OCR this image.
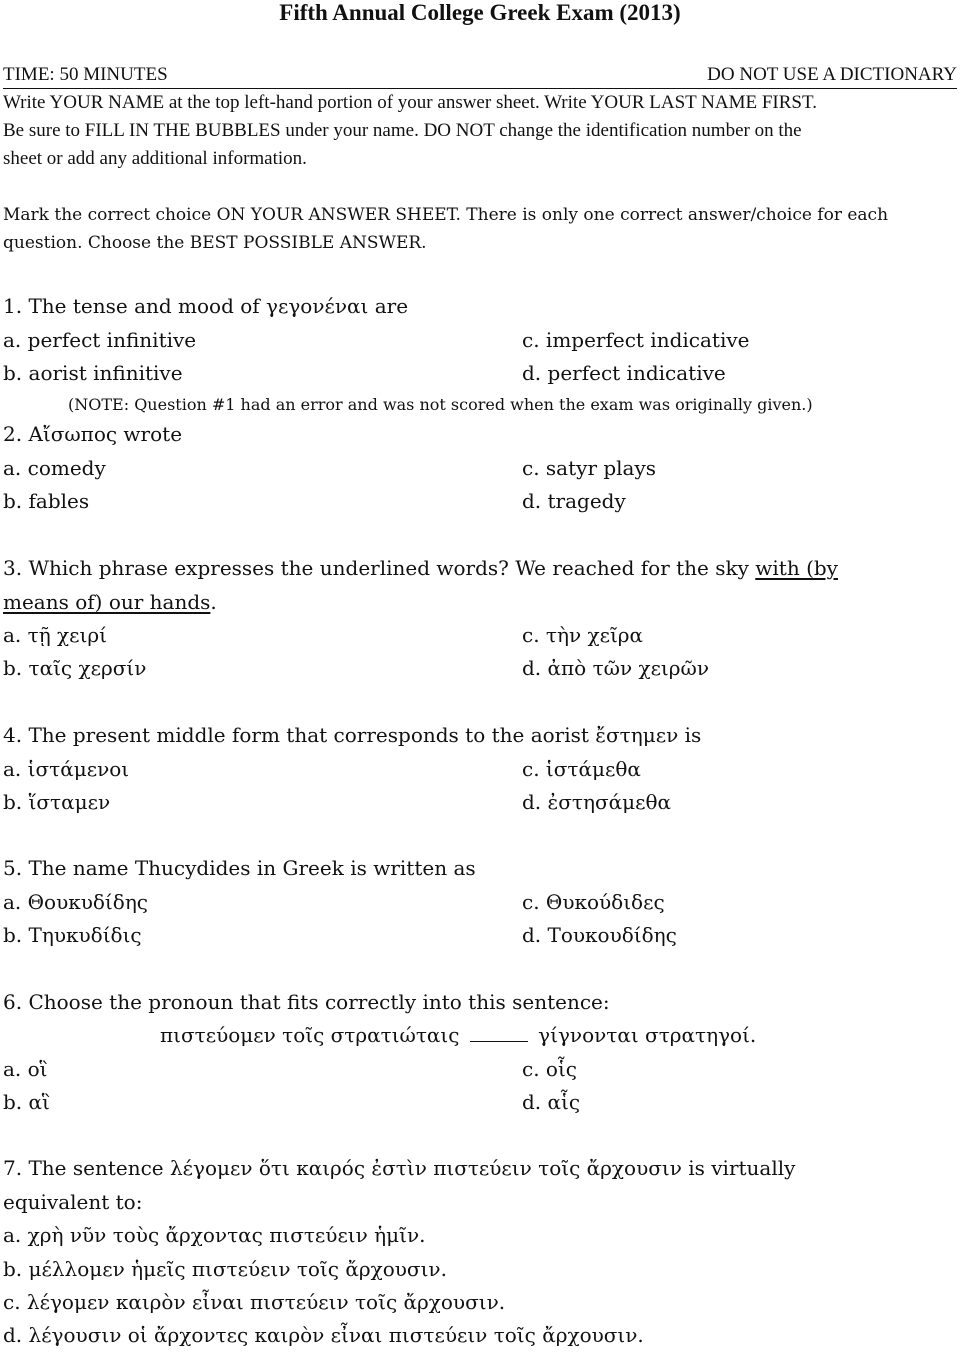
Fifth Annual College Greek Exam (2013)
TIME: 50 MINUTES	DO NOT USE A DICTIONARY
Write YOUR NAME at the top left-hand portion of your answer sheet. Write YOUR LAST NAME FIRST.
Be sure to FILL IN THE BUBBLES under your name. DO NOT change the identification number on the
sheet or add any additional information.
Mark the correct choice ON YOUR ANSWER SHEET. There is only one correct answer/choice for each
question. Choose the BEST POSSIBLE ANSWER.
1. The tense and mood of γεγονέναι are
a. perfect infinitive	c. imperfect indicative
b. aorist infinitive	d. perfect indicative
(NOTE: Question #1 had an error and was not scored when the exam was originally given.)
2. Αἴσωπος wrote
a. comedy	c. satyr plays
b. fables	d. tragedy
3. Which phrase expresses the underlined words? We reached for the sky with (by
means of) our hands.
a. τῇ χειρί	c. τὴν χεῖρα
b. ταῖς χερσίν	d. ἀπὸ τῶν χειρῶν
4. The present middle form that corresponds to the aorist ἔστημεν is
a. ἱστάμενοι	c. ἱστάμεθα
b. ἵσταμεν	d. ἐστησάμεθα
5. The name Thucydides in Greek is written as
a. Θουκυδίδης	c. Θυκούδιδες
b. Τηυκυδίδις	d. Τουκουδίδης
6. Choose the pronoun that fits correctly into this sentence:
πιστεύομεν τοῖς στρατιώταις	γίγνονται στρατηγοί.
a. οἳ	c. οἷς
b. αἳ	d. αἷς
7. The sentence λέγομεν ὅτι καιρός ἐστὶν πιστεύειν τοῖς ἄρχουσιν is virtually
equivalent to:
a. χρὴ νῦν τοὺς ἄρχοντας πιστεύειν ἡμῖν.
b. μέλλομεν ἡμεῖς πιστεύειν τοῖς ἄρχουσιν.
c. λέγομεν καιρὸν εἶναι πιστεύειν τοῖς ἄρχουσιν.
d. λέγουσιν οἱ ἄρχοντες καιρὸν εἶναι πιστεύειν τοῖς ἄρχουσιν.
